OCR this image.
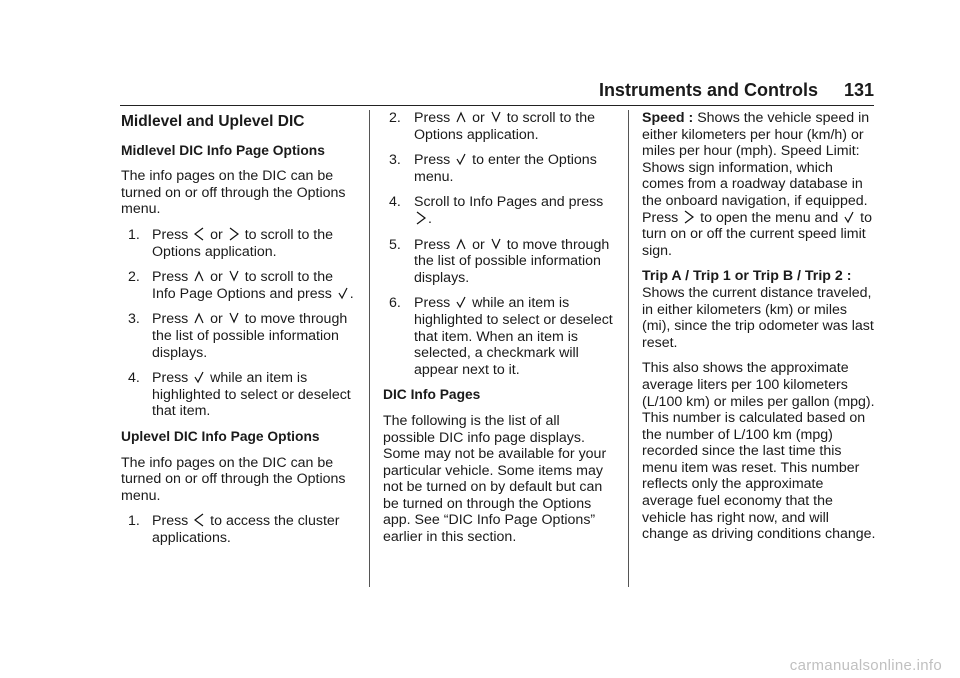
Instruments and Controls 131
Midlevel and Uplevel DIC
Midlevel DIC Info Page Options

The info pages on the DIC can be turned on or off through the Options menu.

1. Press or to scroll to the Options application.
2. Press or to scroll to the Info Page Options and press .
3. Press or to move through the list of possible information displays.
4. Press while an item is highlighted to select or deselect that item.
Uplevel DIC Info Page Options

The info pages on the DIC can be turned on or off through the Options menu.

1. Press to access the cluster applications.
2. Press or to scroll to the Options application.
3. Press to enter the Options menu.
4. Scroll to Info Pages and press
.
5. Press or to move through the list of possible information displays.
6. Press while an item is highlighted to select or deselect that item. When an item is selected, a checkmark will appear next to it.
DIC Info Pages

The following is the list of all possible DIC info page displays. Some may not be available for your particular vehicle. Some items may not be turned on by default but can be turned on through the Options app. See “DIC Info Page Options” earlier in this section.

Speed : Shows the vehicle speed in either kilometers per hour (km/h) or miles per hour (mph). Speed Limit: Shows sign information, which comes from a roadway database in the onboard navigation, if equipped. Press to open the menu and to turn on or off the current speed limit sign.

Trip A / Trip 1 or Trip B / Trip 2 :
Shows the current distance traveled, in either kilometers (km) or miles (mi), since the trip odometer was last reset.

This also shows the approximate average liters per 100 kilometers (L/100 km) or miles per gallon (mpg). This number is calculated based on the number of L/100 km (mpg) recorded since the last time this menu item was reset. This number reflects only the approximate average fuel economy that the vehicle has right now, and will change as driving conditions change.

carmanualsonline.info
